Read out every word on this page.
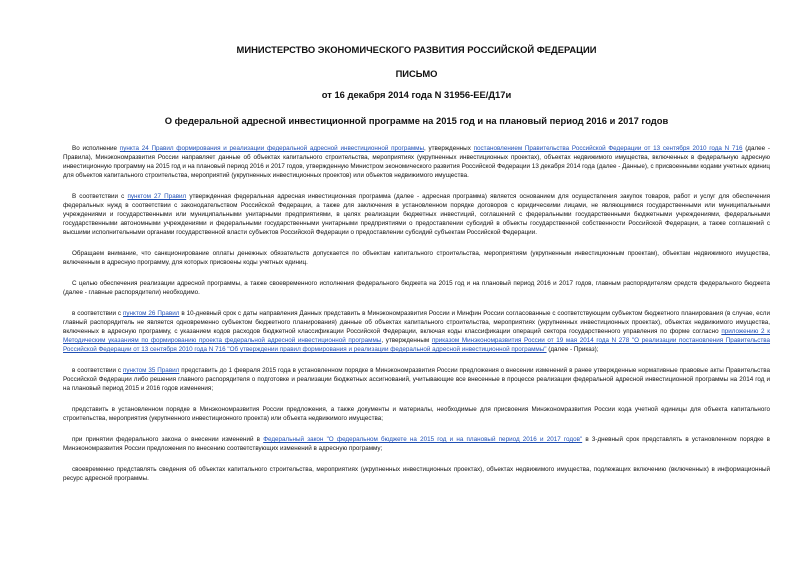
МИНИСТЕРСТВО ЭКОНОМИЧЕСКОГО РАЗВИТИЯ РОССИЙСКОЙ ФЕДЕРАЦИИ
ПИСЬМО
от 16 декабря 2014 года N 31956-ЕЕ/Д17и
О федеральной адресной инвестиционной программе на 2015 год и на плановый период 2016 и 2017 годов
Во исполнение пункта 24 Правил формирования и реализации федеральной адресной инвестиционной программы, утвержденных постановлением Правительства Российской Федерации от 13 сентября 2010 года N 716 (далее - Правила), Минэкономразвития России направляет данные об объектах капитального строительства, мероприятиях (укрупненных инвестиционных проектах), объектах недвижимого имущества, включенных в федеральную адресную инвестиционную программу на 2015 год и на плановый период 2016 и 2017 годов, утвержденную Министром экономического развития Российской Федерации 13 декабря 2014 года (далее - Данные), с присвоенными кодами учетных единиц для объектов капитального строительства, мероприятий (укрупненных инвестиционных проектов) или объектов недвижимого имущества.
В соответствии с пунктом 27 Правил утвержденная федеральная адресная инвестиционная программа (далее - адресная программа) является основанием для осуществления закупок товаров, работ и услуг для обеспечения федеральных нужд в соответствии с законодательством Российской Федерации, а также для заключения в установленном порядке договоров с юридическими лицами, не являющимися государственными или муниципальными учреждениями и государственными или муниципальными унитарными предприятиями, в целях реализации бюджетных инвестиций, соглашений с федеральными государственными бюджетными учреждениями, федеральными государственными автономными учреждениями и федеральными государственными унитарными предприятиями о предоставлении субсидий в объекты государственной собственности Российской Федерации, а также соглашений с высшими исполнительными органами государственной власти субъектов Российской Федерации о предоставлении субсидий субъектам Российской Федерации.
Обращаем внимание, что санкционирование оплаты денежных обязательств допускается по объектам капитального строительства, мероприятиям (укрупненным инвестиционным проектам), объектам недвижимого имущества, включенным в адресную программу, для которых присвоены коды учетных единиц.
С целью обеспечения реализации адресной программы, а также своевременного исполнения федерального бюджета на 2015 год и на плановый период 2016 и 2017 годов, главным распорядителям средств федерального бюджета (далее - главные распорядители) необходимо.
в соответствии с пунктом 26 Правил в 10-дневный срок с даты направления Данных представить в Минэкономразвития России и Минфин России согласованные с соответствующим субъектом бюджетного планирования (в случае, если главный распорядитель не является одновременно субъектом бюджетного планирования) данные об объектах капитального строительства, мероприятиях (укрупненных инвестиционных проектах), объектах недвижимого имущества, включенных в адресную программу, с указанием кодов расходов бюджетной классификации Российской Федерации, включая коды классификации операций сектора государственного управления по форме согласно приложению 2 к Методическим указаниям по формированию проекта федеральной адресной инвестиционной программы, утвержденным приказом Минэкономразвития России от 19 мая 2014 года N 278 "О реализации постановления Правительства Российской Федерации от 13 сентября 2010 года N 716 "Об утверждении правил формирования и реализации федеральной адресной инвестиционной программы" (далее - Приказ);
в соответствии с пунктом 35 Правил представить до 1 февраля 2015 года в установленном порядке в Минэкономразвития России предложения о внесении изменений в ранее утвержденные нормативные правовые акты Правительства Российской Федерации либо решения главного распорядителя о подготовке и реализации бюджетных ассигнований, учитывающие все внесенные в процессе реализации федеральной адресной инвестиционной программы на 2014 год и на плановый период 2015 и 2016 годов изменения;
представить в установленном порядке в Минэкономразвития России предложения, а также документы и материалы, необходимые для присвоения Минэкономразвития России кода учетной единицы для объекта капитального строительства, мероприятия (укрупненного инвестиционного проекта) или объекта недвижимого имущества;
при принятии федерального закона о внесении изменений в Федеральный закон "О федеральном бюджете на 2015 год и на плановый период 2016 и 2017 годов" в 3-дневный срок представлять в установленном порядке в Минэкономразвития России предложения по внесению соответствующих изменений в адресную программу;
своевременно представлять сведения об объектах капитального строительства, мероприятиях (укрупненных инвестиционных проектах), объектах недвижимого имущества, подлежащих включению (включенных) в информационный ресурс адресной программы.
